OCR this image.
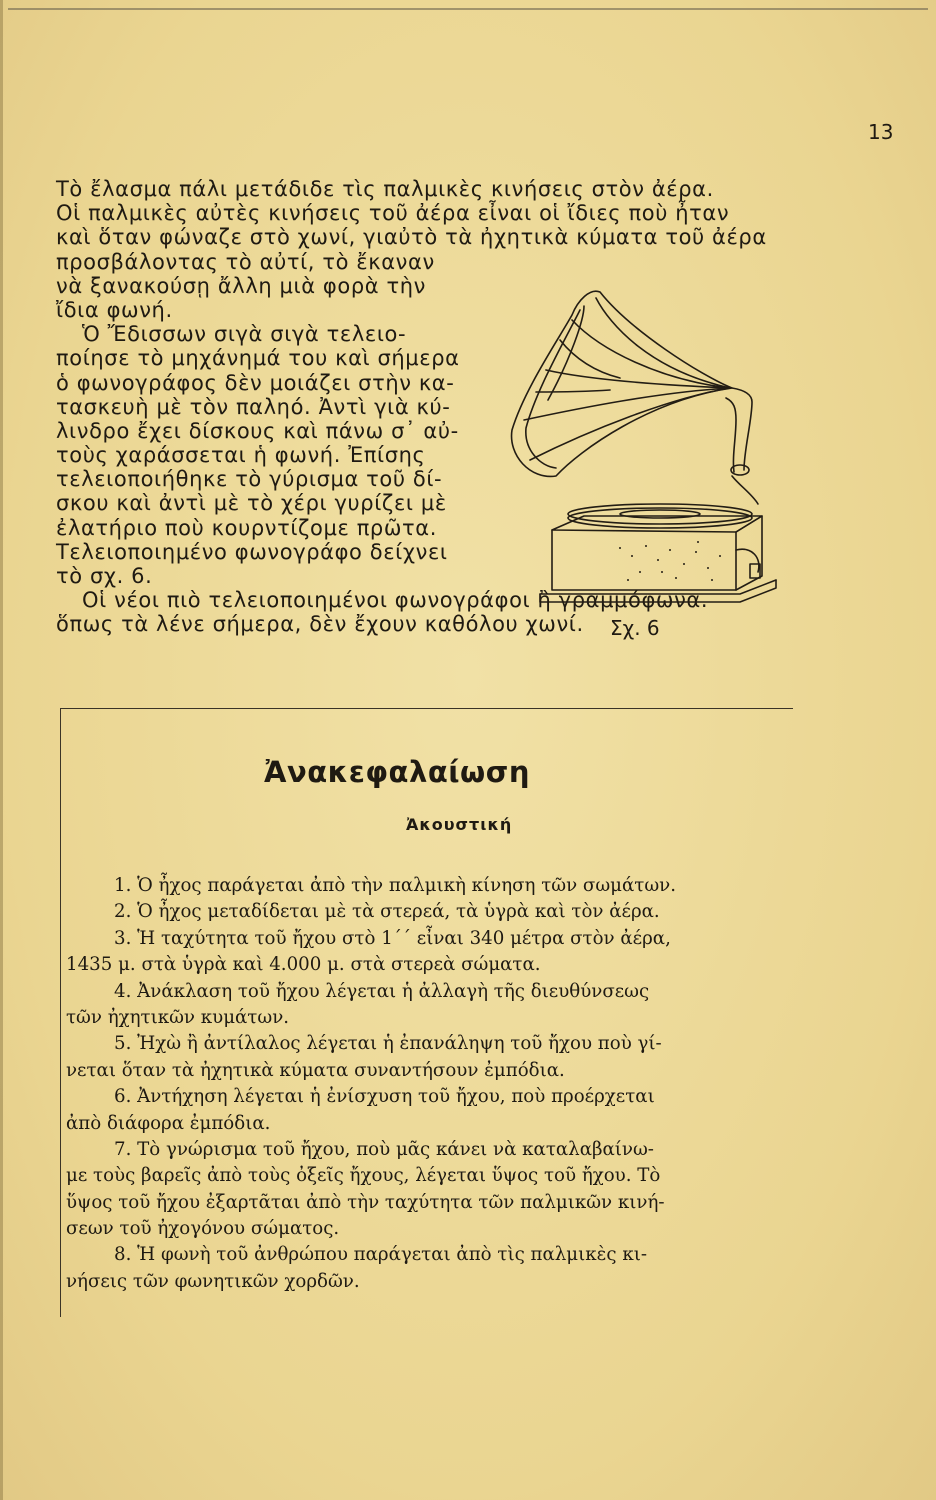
13
Τὸ ἔλασμα πάλι μετάδιδε τὶς παλμικὲς κινήσεις στὸν ἀέρα.
Οἱ παλμικὲς αὐτὲς κινήσεις τοῦ ἀέρα εἶναι οἱ ἴδιες ποὺ ἦταν
καὶ ὅταν φώναζε στὸ χωνί, γιαὐτὸ τὰ ἠχητικὰ κύματα τοῦ ἀέρα
προσβάλοντας τὸ αὐτί, τὸ ἔκαναν
νὰ ξανακούσῃ ἄλλη μιὰ φορὰ τὴν
ἴδια φωνή.
Ὁ Ἔδισσων σιγὰ σιγὰ τελειο-
ποίησε τὸ μηχάνημά του καὶ σήμερα
ὁ φωνογράφος δὲν μοιάζει στὴν κα-
τασκευὴ μὲ τὸν παληό. Ἀντὶ γιὰ κύ-
λινδρο ἔχει δίσκους καὶ πάνω σ᾽ αὐ-
τοὺς χαράσσεται ἡ φωνή. Ἐπίσης
τελειοποιήθηκε τὸ γύρισμα τοῦ δί-
σκου καὶ ἀντὶ μὲ τὸ χέρι γυρίζει μὲ
ἐλατήριο ποὺ κουρντίζομε πρῶτα.
Τελειοποιημένο φωνογράφο δείχνει
τὸ σχ. 6.
Οἱ νέοι πιὸ τελειοποιημένοι φωνογράφοι ἢ γραμμόφωνα.
ὅπως τὰ λένε σήμερα, δὲν ἔχουν καθόλου χωνί.	Σχ. 6
Ἀνακεφαλαίωση
Ἀκουστική
1. Ὁ ἦχος παράγεται ἀπὸ τὴν παλμικὴ κίνηση τῶν σωμάτων.
2. Ὁ ἦχος μεταδίδεται μὲ τὰ στερεά, τὰ ὑγρὰ καὶ τὸν ἀέρα.
3. Ἡ ταχύτητα τοῦ ἤχου στὸ 1΄΄ εἶναι 340 μέτρα στὸν ἀέρα,
1435 μ. στὰ ὑγρὰ καὶ 4.000 μ. στὰ στερεὰ σώματα.
4. Ἀνάκλαση τοῦ ἤχου λέγεται ἡ ἀλλαγὴ τῆς διευθύνσεως
τῶν ἠχητικῶν κυμάτων.
5. Ἠχὼ ἢ ἀντίλαλος λέγεται ἡ ἐπανάληψη τοῦ ἤχου ποὺ γί-
νεται ὅταν τὰ ἠχητικὰ κύματα συναντήσουν ἐμπόδια.
6. Ἀντήχηση λέγεται ἡ ἐνίσχυση τοῦ ἤχου, ποὺ προέρχεται
ἀπὸ διάφορα ἐμπόδια.
7. Τὸ γνώρισμα τοῦ ἤχου, ποὺ μᾶς κάνει νὰ καταλαβαίνω-
με τοὺς βαρεῖς ἀπὸ τοὺς ὀξεῖς ἤχους, λέγεται ὕψος τοῦ ἤχου. Τὸ
ὕψος τοῦ ἤχου ἐξαρτᾶται ἀπὸ τὴν ταχύτητα τῶν παλμικῶν κινή-
σεων τοῦ ἠχογόνου σώματος.
8. Ἡ φωνὴ τοῦ ἀνθρώπου παράγεται ἀπὸ τὶς παλμικὲς κι-
νήσεις τῶν φωνητικῶν χορδῶν.
